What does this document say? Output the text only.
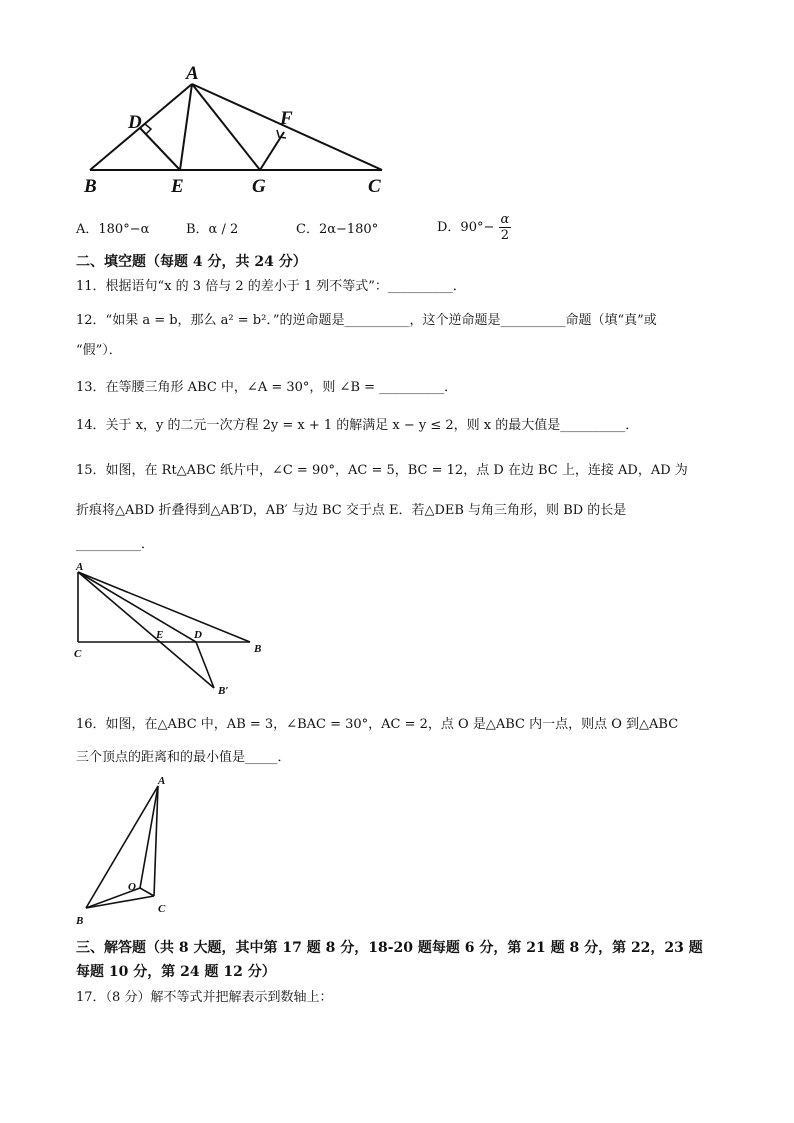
A
B	C
D
E
F
G
A．180°−α	B．α / 2	C．2α−180°	D．$90^\circ- \frac{\alpha}{2}$
二、填空题（每题 4 分，共 24 分）
11．根据语句“x 的 3 倍与 2 的差小于 1 列不等式”：__________．
12．“如果 a = b，那么 a² = b²．”的逆命题是__________，这个逆命题是__________命题（填“真”或
“假”）．
13．在等腰三角形 ABC 中，∠A = 30°，则 ∠B = __________．
14．关于 x，y 的二元一次方程 2y = x + 1 的解满足 x − y ≤ 2，则 x 的最大值是__________．
15．如图，在 Rt△ABC 纸片中，∠C = 90°，AC = 5，BC = 12，点 D 在边 BC 上，连接 AD，AD 为
折痕将△ABD 折叠得到△AB′D，AB′ 与边 BC 交于点 E．若△DEB 与角三角形，则 BD 的长是
__________．
A
C	B
E	D
B′
16．如图，在△ABC 中，AB = 3，∠BAC = 30°，AC = 2，点 O 是△ABC 内一点，则点 O 到△ABC
三个顶点的距离和的最小值是_____．
A
B
C
O
三、解答题（共 8 大题，其中第 17 题 8 分，18-20 题每题 6 分，第 21 题 8 分，第 22，23 题
每题 10 分，第 24 题 12 分）
17．（8 分）解不等式并把解表示到数轴上：
